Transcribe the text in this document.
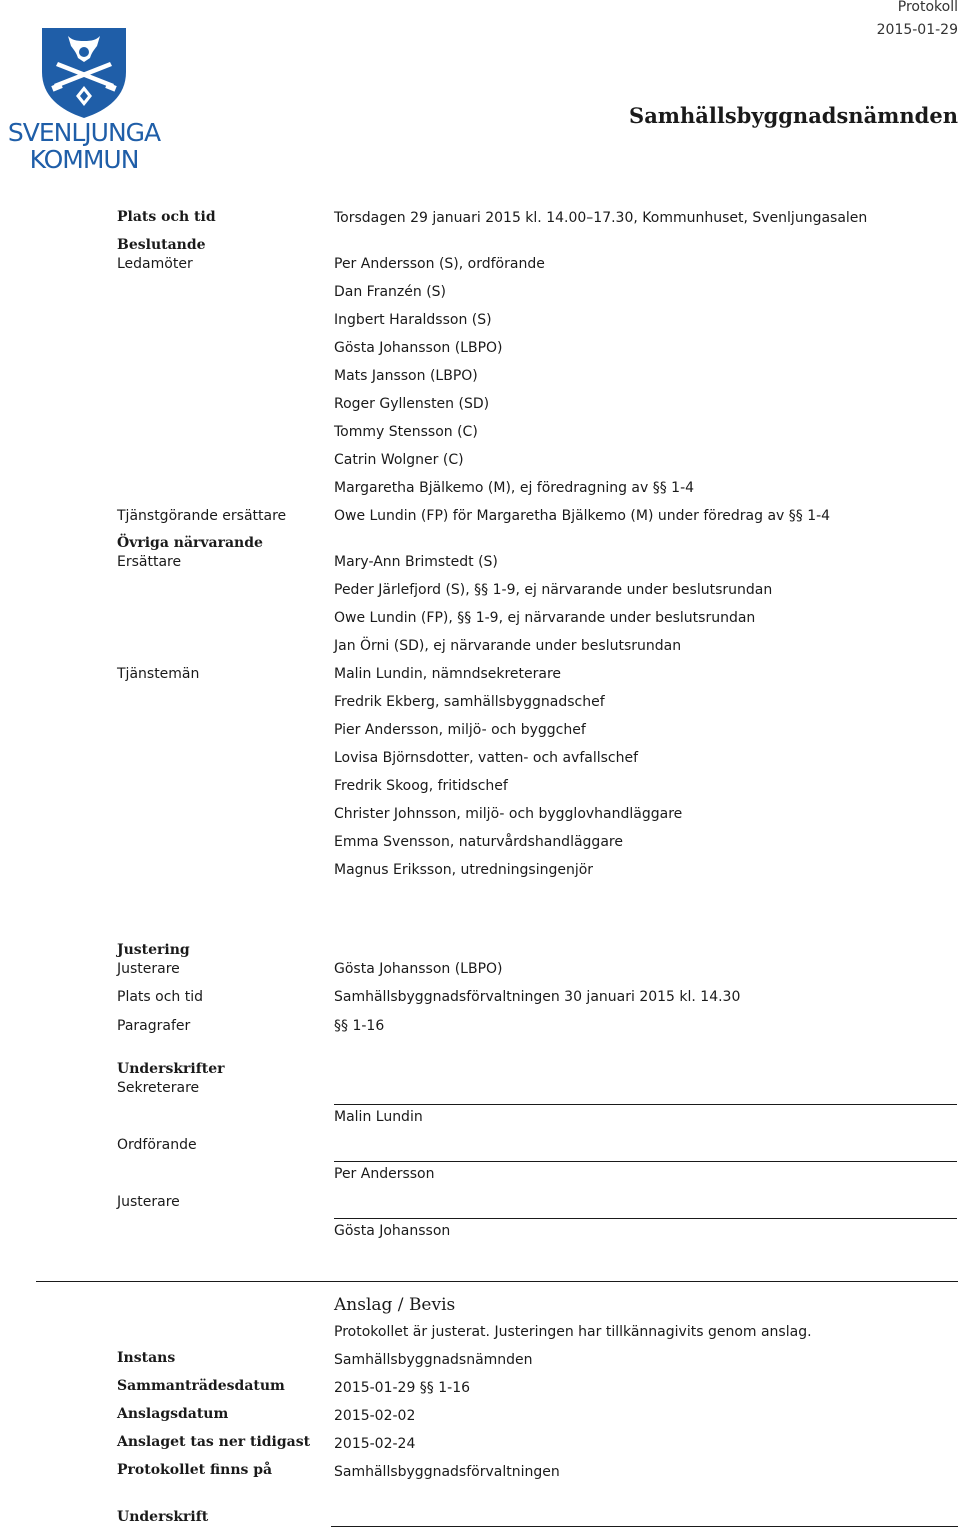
Protokoll
2015-01-29
Samhällsbyggnadsnämnden
SVENLJUNGA
KOMMUN
Plats och tid	Torsdagen 29 januari 2015 kl. 14.00–17.30, Kommunhuset, Svenljungasalen
Beslutande
Ledamöter	Per Andersson (S), ordförande
Dan Franzén (S)
Ingbert Haraldsson (S)
Gösta Johansson (LBPO)
Mats Jansson (LBPO)
Roger Gyllensten (SD)
Tommy Stensson (C)
Catrin Wolgner (C)
Margaretha Bjälkemo (M), ej föredragning av §§ 1-4
Tjänstgörande ersättare	Owe Lundin (FP) för Margaretha Bjälkemo (M) under föredrag av §§ 1-4
Övriga närvarande
Ersättare	Mary-Ann Brimstedt (S)
Peder Järlefjord (S), §§ 1-9, ej närvarande under beslutsrundan
Owe Lundin (FP), §§ 1-9, ej närvarande under beslutsrundan
Jan Örni (SD), ej närvarande under beslutsrundan
Tjänstemän	Malin Lundin, nämndsekreterare
Fredrik Ekberg, samhällsbyggnadschef
Pier Andersson, miljö- och byggchef
Lovisa Björnsdotter, vatten- och avfallschef
Fredrik Skoog, fritidschef
Christer Johnsson, miljö- och bygglovhandläggare
Emma Svensson, naturvårdshandläggare
Magnus Eriksson, utredningsingenjör
Justering
Justerare	Gösta Johansson (LBPO)
Plats och tid	Samhällsbyggnadsförvaltningen 30 januari 2015 kl. 14.30
Paragrafer	§§ 1-16
Underskrifter
Sekreterare
Malin Lundin
Ordförande
Per Andersson
Justerare
Gösta Johansson
Anslag / Bevis
Protokollet är justerat. Justeringen har tillkännagivits genom anslag.
Instans	Samhällsbyggnadsnämnden
Sammanträdesdatum	2015-01-29 §§ 1-16
Anslagsdatum	2015-02-02
Anslaget tas ner tidigast 2015-02-24
Protokollet finns på	Samhällsbyggnadsförvaltningen
Underskrift
